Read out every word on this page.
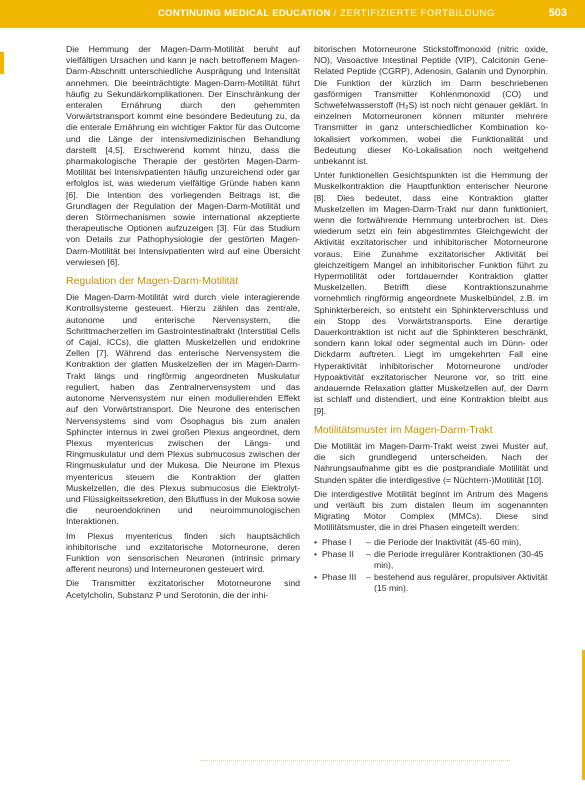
CONTINUING MEDICAL EDUCATION / ZERTIFIZIERTE FORTBILDUNG	503

Die Hemmung der Magen-Darm-Motilität beruht auf vielfältigen Ursachen und kann je nach betroffenem Magen-Darm-Abschnitt unterschiedliche Ausprägung und Intensität annehmen. Die beeinträchtigte Magen-Darm-Motilität führt häufig zu Sekundärkomplikationen. Der Einschränkung der enteralen Ernährung durch den gehemmten Vorwärtstransport kommt eine besondere Bedeutung zu, da die enterale Ernährung ein wichtiger Faktor für das Outcome und die Länge der intensivmedizinischen Behandlung darstellt [4,5]. Erschwerend kommt hinzu, dass die pharmakologische Therapie der gestörten Magen-Darm-Motilität bei Intensivpatienten häufig unzureichend oder gar erfolglos ist, was wiederum vielfältige Gründe haben kann [6]. Die Intention des vorliegenden Beitrags ist, die Grundlagen der Regulation der Magen-Darm-Motilität und deren Störmechanismen sowie international akzeptierte therapeutische Optionen aufzuzeigen [3]. Für das Studium von Details zur Pathophysiologie der gestörten Magen-Darm-Motilität bei Intensivpatienten wird auf eine Übersicht verwiesen [6].

Regulation der Magen-Darm-Motilität

Die Magen-Darm-Motilität wird durch viele interagierende Kontrollsysteme gesteuert. Hierzu zählen das zentrale, autonome und enterische Nervensystem, die Schrittmacherzellen im Gastrointestinaltrakt (Interstitial Cells of Cajal, ICCs), die glatten Muskelzellen und endokrine Zellen [7]. Während das enterische Nervensystem die Kontraktion der glatten Muskelzellen der im Magen-Darm-Trakt längs und ringförmig angeordneten Muskulatur reguliert, haben das Zentralnervensystem und das autonome Nervensystem nur einen modulierenden Effekt auf den Vorwärtstransport. Die Neurone des enterischen Nervensystems sind vom Ösophagus bis zum analen Sphincter internus in zwei großen Plexus angeordnet, dem Plexus myentericus zwischen der Längs- und Ringmuskulatur und dem Plexus submucosus zwischen der Ringmuskulatur und der Mukosa. Die Neurone im Plexus myentericus steuern die Kontraktion der glatten Muskelzellen, die des Plexus submucosus die Elektrolyt- und Flüssigkeitssekretion, den Blutfluss in der Mukosa sowie die neuroendokrinen und neuroimmunologischen Interaktionen.

Im Plexus myentericus finden sich hauptsächlich inhibitorische und exzitatorische Motorneurone, deren Funktion von sensorischen Neuronen (intrinsic primary afferent neurons) und Interneuronen gesteuert wird.

Die Transmitter exzitatorischer Motorneurone sind Acetylcholin, Substanz P und Serotonin, die der inhi-

bitorischen Motorneurone Stickstoffmonoxid (nitric oxide, NO), Vasoactive Intestinal Peptide (VIP), Calcitonin Gene-Related Peptide (CGRP), Adenosin, Galanin und Dynorphin. Die Funktion der kürzlich im Darm beschriebenen gasförmigen Transmitter Kohlenmonoxid (CO) und Schwefelwasserstoff (H₂S) ist noch nicht genauer geklärt. In einzelnen Motorneuronen können mitunter mehrere Transmitter in ganz unterschiedlicher Kombination ko-lokalisiert vorkommen, wobei die Funktionalität und Bedeutung dieser Ko-Lokalisation noch weitgehend unbekannt ist.

Unter funktionellen Gesichtspunkten ist die Hemmung der Muskelkontraktion die Hauptfunktion enterischer Neurone [8]. Dies bedeutet, dass eine Kontraktion glatter Muskelzellen im Magen-Darm-Trakt nur dann funktioniert, wenn die fortwährende Hemmung unterbrochen ist. Dies wiederum setzt ein fein abgestimmtes Gleichgewicht der Aktivität exzitatorischer und inhibitorischer Motorneurone voraus. Eine Zunahme exzitatorischer Aktivität bei gleichzeitigem Mangel an inhibitorischer Funktion führt zu Hypermotilität oder fortdauernder Kontraktion glatter Muskelzellen. Betrifft diese Kontraktionszunahme vornehmlich ringförmig angeordnete Muskelbündel, z.B. im Sphinkterbereich, so entsteht ein Sphinkterverschluss und ein Stopp des Vorwärtstransports. Eine derartige Dauerkontraktion ist nicht auf die Sphinkteren beschränkt, sondern kann lokal oder segmental auch im Dünn- oder Dickdarm auftreten. Liegt im umgekehrten Fall eine Hyperaktivität inhibitorischer Motorneurone und/oder Hypoaktivität exzitatorischer Neurone vor, so tritt eine andauernde Relaxation glatter Muskelzellen auf, der Darm ist schlaff und distendiert, und eine Kontraktion bleibt aus [9].

Motilitätsmuster im Magen-Darm-Trakt

Die Motilität im Magen-Darm-Trakt weist zwei Muster auf, die sich grundlegend unterscheiden. Nach der Nahrungsaufnahme gibt es die postprandiale Motilität und Stunden später die interdigestive (= Nüchtern-)Motilität [10].

Die interdigestive Motilität beginnt im Antrum des Magens und verläuft bis zum distalen Ileum im sogenannten Migrating Motor Complex (MMCs). Diese sind Motilitätsmuster, die in drei Phasen eingeteilt werden:

• Phase I	– die Periode der Inaktivität (45-60 min),
• Phase II	– die Periode irregulärer Kontraktionen (30-45 min),
• Phase III	– bestehend aus regulärer, propulsiver Aktivität (15 min).
